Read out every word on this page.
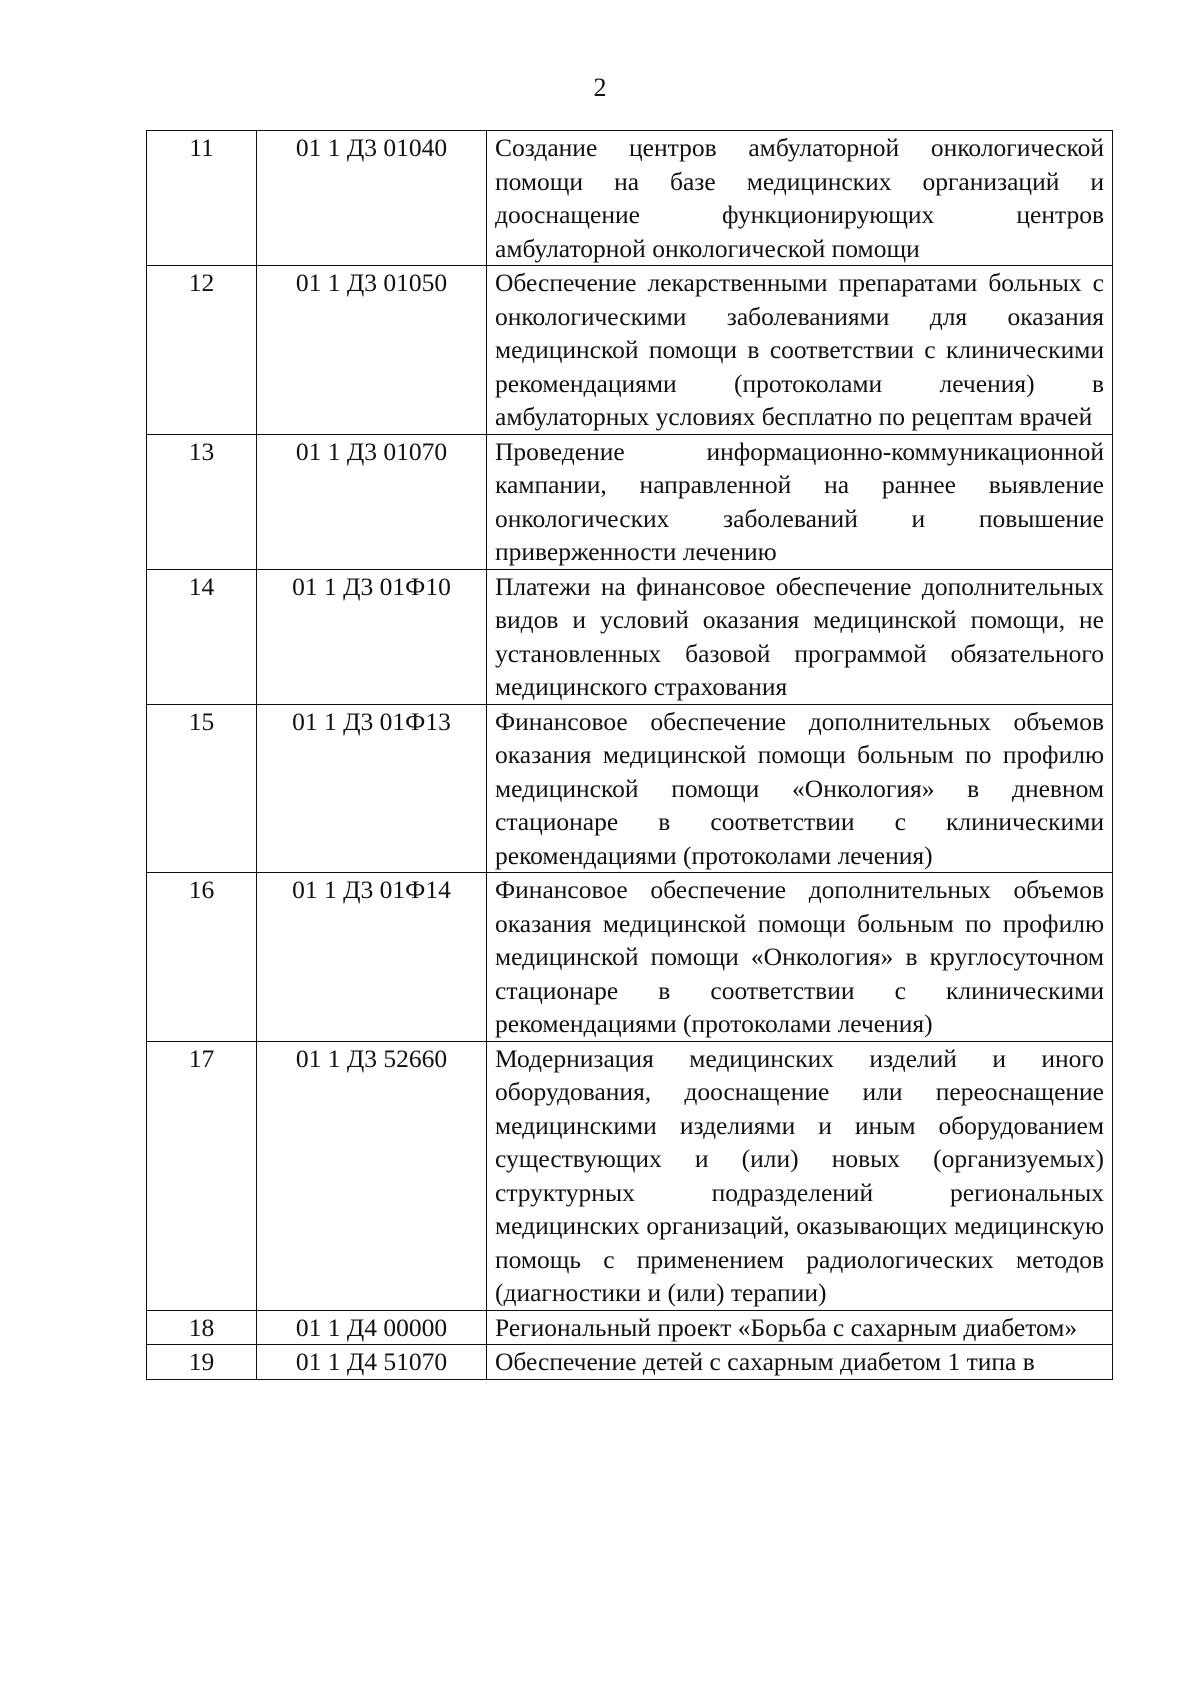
2
11	01 1 Д3 01040	Создание центров амбулаторной онкологической помощи на базе медицинских организаций и дооснащение функционирующих центров амбулаторной онкологической помощи
12	01 1 Д3 01050	Обеспечение лекарственными препаратами больных с онкологическими заболеваниями для оказания медицинской помощи в соответствии с клиническими рекомендациями (протоколами лечения) в амбулаторных условиях бесплатно по рецептам врачей
13	01 1 Д3 01070	Проведение информационно-коммуникационной кампании, направленной на раннее выявление онкологических заболеваний и повышение приверженности лечению
14	01 1 Д3 01Ф10	Платежи на финансовое обеспечение дополнительных видов и условий оказания медицинской помощи, не установленных базовой программой обязательного медицинского страхования
15	01 1 Д3 01Ф13	Финансовое обеспечение дополнительных объемов оказания медицинской помощи больным по профилю медицинской помощи «Онкология» в дневном стационаре в соответствии с клиническими рекомендациями (протоколами лечения)
16	01 1 Д3 01Ф14	Финансовое обеспечение дополнительных объемов оказания медицинской помощи больным по профилю медицинской помощи «Онкология» в круглосуточном стационаре в соответствии с клиническими рекомендациями (протоколами лечения)
17	01 1 Д3 52660	Модернизация медицинских изделий и иного оборудования, дооснащение или переоснащение медицинскими изделиями и иным оборудованием существующих и (или) новых (организуемых) структурных подразделений региональных медицинских организаций, оказывающих медицинскую помощь с применением радиологических методов (диагностики и (или) терапии)
18	01 1 Д4 00000	Региональный проект «Борьба с сахарным диабетом»
19	01 1 Д4 51070	Обеспечение детей с сахарным диабетом 1 типа в
